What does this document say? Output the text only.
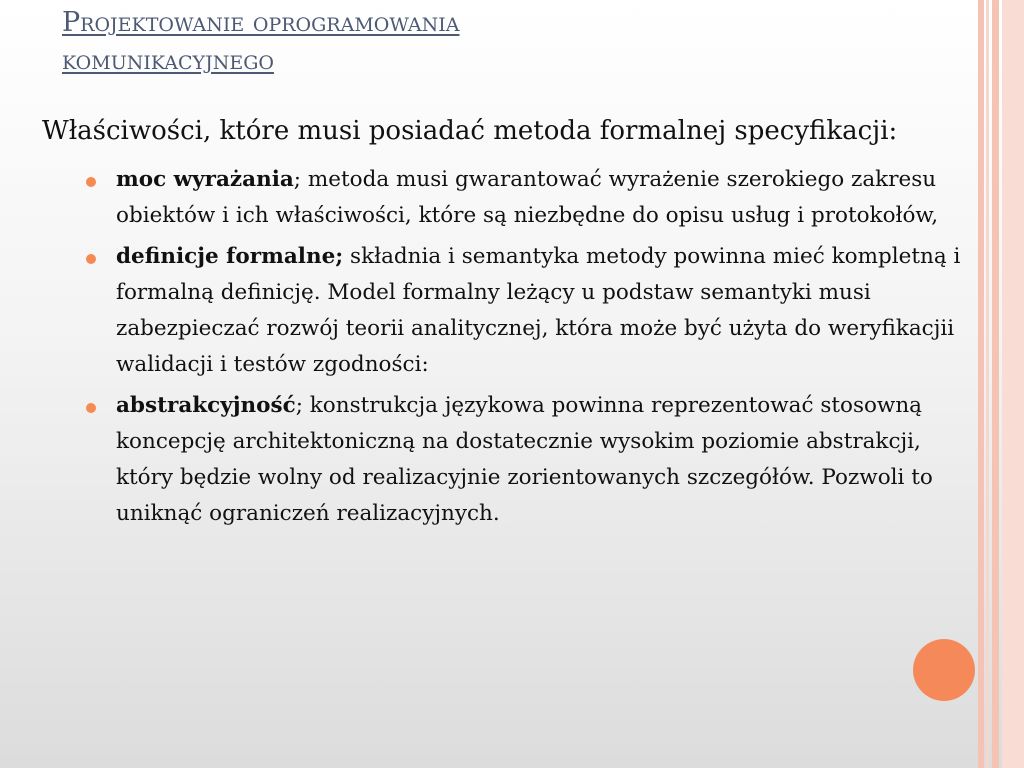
Projektowanie oprogramowania
komunikacyjnego

Właściwości, które musi posiadać metoda formalnej specyfikacji:

moc wyrażania; metoda musi gwarantować wyrażenie szerokiego zakresu obiektów i ich właściwości, które są niezbędne do opisu usług i protokołów,
definicje formalne; składnia i semantyka metody powinna mieć kompletną i formalną definicję. Model formalny leżący u podstaw semantyki musi zabezpieczać rozwój teorii analitycznej, która może być użyta do weryfikacjii walidacji i testów zgodności:
abstrakcyjność; konstrukcja językowa powinna reprezentować stosowną koncepcję architektoniczną na dostatecznie wysokim poziomie abstrakcji, który będzie wolny od realizacyjnie zorientowanych szczegółów. Pozwoli to uniknąć ograniczeń realizacyjnych.
